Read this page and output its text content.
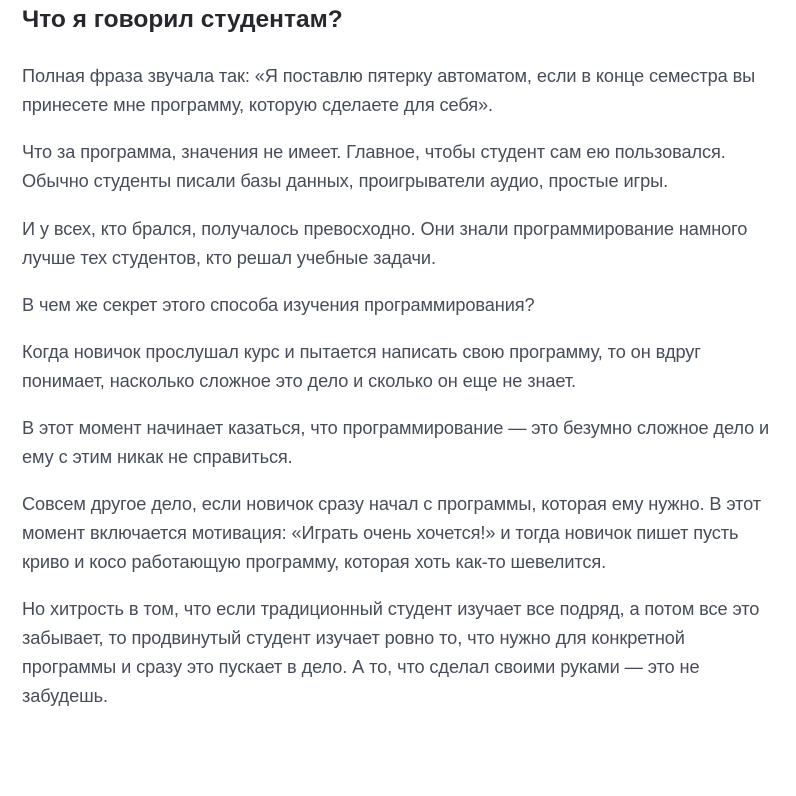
Что я говорил студентам?

Полная фраза звучала так: «Я поставлю пятерку автоматом, если в конце семестра вы принесете мне программу, которую сделаете для себя».

Что за программа, значения не имеет. Главное, чтобы студент сам ею пользовался. Обычно студенты писали базы данных, проигрыватели аудио, простые игры.

И у всех, кто брался, получалось превосходно. Они знали программирование намного лучше тех студентов, кто решал учебные задачи.

В чем же секрет этого способа изучения программирования?

Когда новичок прослушал курс и пытается написать свою программу, то он вдруг понимает, насколько сложное это дело и сколько он еще не знает.

В этот момент начинает казаться, что программирование — это безумно сложное дело и ему с этим никак не справиться.

Совсем другое дело, если новичок сразу начал с программы, которая ему нужно. В этот момент включается мотивация: «Играть очень хочется!» и тогда новичок пишет пусть криво и косо работающую программу, которая хоть как-то шевелится.

Но хитрость в том, что если традиционный студент изучает все подряд, а потом все это забывает, то продвинутый студент изучает ровно то, что нужно для конкретной программы и сразу это пускает в дело. А то, что сделал своими руками — это не забудешь.
